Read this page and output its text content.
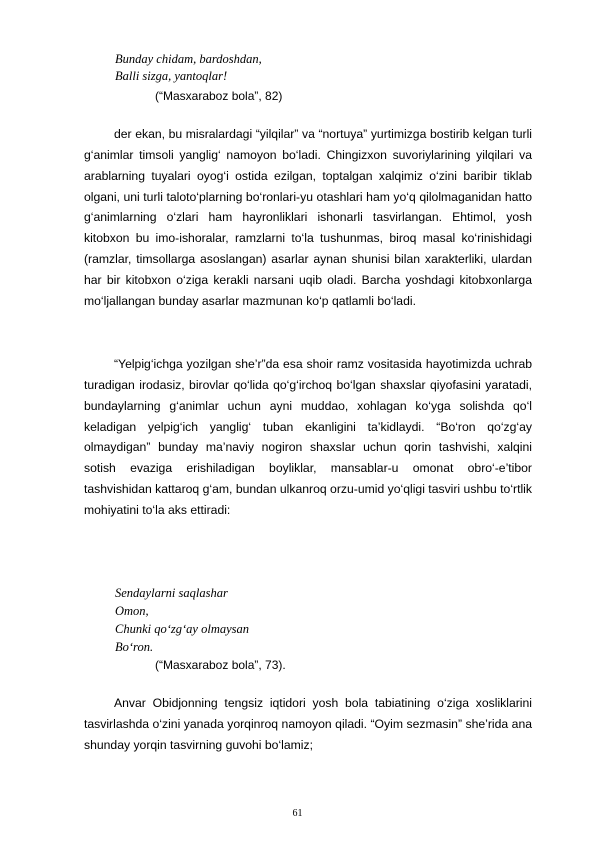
Bunday chidam, bardoshdan,
Balli sizga, yantoqlar!
(“Masxaraboz bola”, 82)

der ekan, bu misralardagi “yilqilar” va “nortuya” yurtimizga bostirib kelgan turli g‘animlar timsoli yanglig‘ namoyon bo‘ladi. Chingizxon suvoriylarining yilqilari va arablarning tuyalari oyog‘i ostida ezilgan, toptalgan xalqimiz o‘zini baribir tiklab olgani, uni turli taloto‘plarning bo‘ronlari-yu otashlari ham yo‘q qilolmaganidan hatto g‘animlarning o‘zlari ham hayronliklari ishonarli tasvirlangan. Ehtimol, yosh kitobxon bu imo-ishoralar, ramzlarni to‘la tushunmas, biroq masal ko‘rinishidagi (ramzlar, timsollarga asoslangan) asarlar aynan shunisi bilan xarakterliki, ulardan har bir kitobxon o‘ziga kerakli narsani uqib oladi. Barcha yoshdagi kitobxonlarga mo‘ljallangan bunday asarlar mazmunan ko‘p qatlamli bo‘ladi.

“Yelpig‘ichga yozilgan she’r”da esa shoir ramz vositasida hayotimizda uchrab turadigan irodasiz, birovlar qo‘lida qo‘g‘irchoq bo‘lgan shaxslar qiyofasini yaratadi, bundaylarning g‘animlar uchun ayni muddao, xohlagan ko‘yga solishda qo‘l keladigan yelpig‘ich yanglig‘ tuban ekanligini ta’kidlaydi. “Bo‘ron qo‘zg‘ay olmaydigan” bunday ma’naviy nogiron shaxslar uchun qorin tashvishi, xalqini sotish evaziga erishiladigan boyliklar, mansablar-u omonat obro‘-e’tibor tashvishidan kattaroq g‘am, bundan ulkanroq orzu-umid yo‘qligi tasviri ushbu to‘rtlik mohiyatini to‘la aks ettiradi:

Sendaylarni saqlashar
Omon,
Chunki qo‘zg‘ay olmaysan
Bo‘ron.
(“Masxaraboz bola”, 73).

Anvar Obidjonning tengsiz iqtidori yosh bola tabiatining o‘ziga xosliklarini tasvirlashda o‘zini yanada yorqinroq namoyon qiladi. “Oyim sezmasin” she’rida ana shunday yorqin tasvirning guvohi bo‘lamiz;

61
